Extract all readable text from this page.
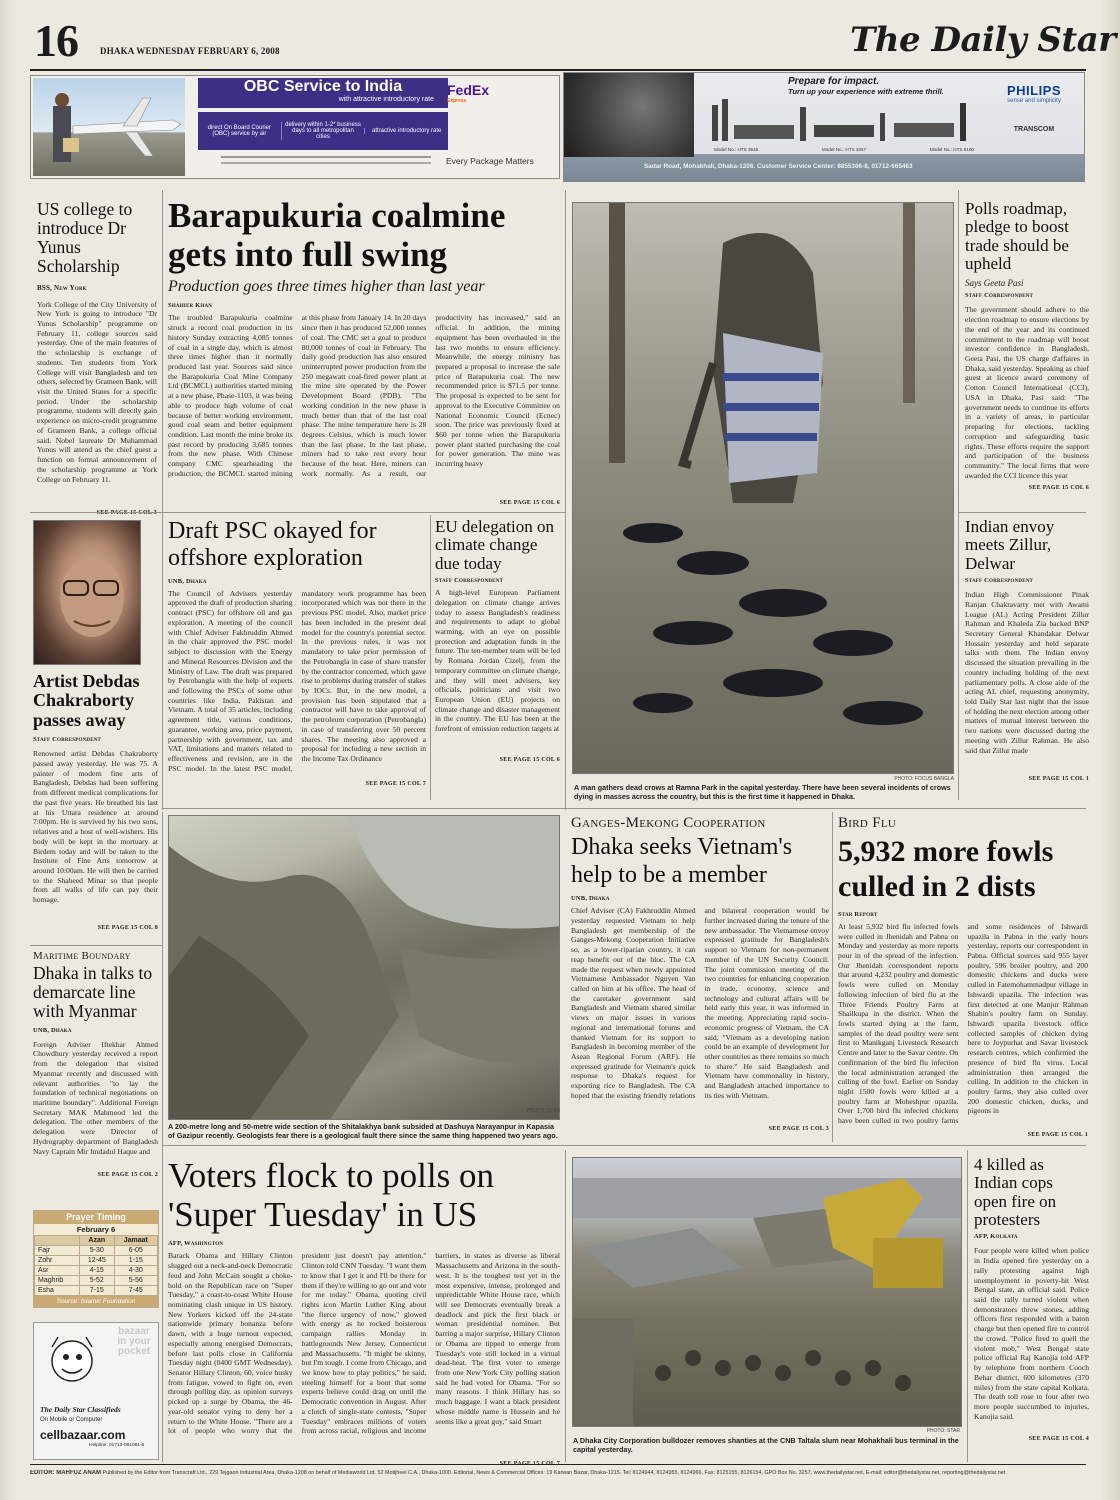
16 DHAKA WEDNESDAY FEBRUARY 6, 2008	The Daily Star
OBC Service to India
with attractive introductory rate
direct On Board Courier (OBC) service by air
delivery within 1-2* business days to all metropolitan cities
attractive introductory rate
FedEx
Express
Every Package Matters
Prepare for impact.
Turn up your experience with extreme thrill.
Model No.: HTS 3548	Model No.: HTS 3357	Model No.: HTS 8100
PHILIPS
sense and simplicity
TRANSCOM
Sadar Road, Mohakhali, Dhaka-1206. Customer Service Center: 8855366-8, 01712-665463
US college to introduce Dr Yunus Scholarship
BSS, New York
York College of the City University of New York is going to introduce "Dr Yunus Scholarship" programme on February 11, college sources said yesterday. One of the main features of the scholarship is exchange of students. Ten students from York College will visit Bangladesh and ten others, selected by Grameen Bank, will visit the United States for a specific period. Under the scholarship programme, students will directly gain experience on micro-credit programme of Grameen Bank, a college official said. Nobel laureate Dr Muhammad Yunus will attend as the chief guest a function on formal announcement of the scholarship programme at York College on February 11.
Artist Debdas Chakraborty passes away
Staff Correspondent
Renowned artist Debdas Chakraborty passed away yesterday. He was 75. A painter of modern fine arts of Bangladesh, Debdas had been suffering from different medical complications for the past five years. He breathed his last at his Uttara residence at around 7:00pm. He is survived by his two sons, relatives and a host of well-wishers. His body will be kept in the mortuary at Birdem today and will be taken to the Institute of Fine Arts tomorrow at around 10:00am. He will then be carried to the Shaheed Minar so that people from all walks of life can pay their homage.
SEE PAGE 15 COL 8
Maritime Boundary
Dhaka in talks to demarcate line with Myanmar
UNB, Dhaka
Foreign Adviser Iftekhar Ahmed Chowdhury yesterday received a report from the delegation that visited Myanmar recently and discussed with relevant authorities "to lay the foundation of technical negotiations on maritime boundary". Additional Foreign Secretary MAK Mahmood led the delegation. The other members of the delegation were Director of Hydrography department of Bangladesh Navy Captain Mir Imdadul Haque and
SEE PAGE 15 COL 2
Prayer Timing
February 6
	Azan	Jamaat
Fajr	5-30	6-05
Zohr	12-45	1-15
Asr	4-15	4-30
Maghrib	5-52	5-56
Esha	7-15	7-45
Source: Islamic Foundation
bazaar
in your
pocket
The Daily Star Classifieds
On Mobile or Computer
cellbazaar.com
Helpline: 01713-081081-5
Barapukuria coalmine gets into full swing
Production goes three times higher than last year
Shahier Khan
The troubled Barapukuria coalmine struck a record coal production in its history Sunday extracting 4,085 tonnes of coal in a single day, which is almost three times higher than it normally produced last year. Sources said since the Barapukuria Coal Mine Company Ltd (BCMCL) authorities started mining at a new phase, Phase-1103, it was being able to produce high volume of coal because of better working environment, good coal seam and better equipment condition. Last month the mine broke its past record by producing 3,685 tonnes from the new phase. With Chinese company CMC spearheading the production, the BCMCL started mining at this phase from January 14. In 20 days since then it has produced 52,000 tonnes of coal. The CMC set a goal to produce 80,000 tonnes of coal in February. The daily good production has also ensured uninterrupted power production from the 250 megawatt coal-fired power plant at the mine site operated by the Power Development Board (PDB). "The working condition in the new phase is much better than that of the last coal phase. The mine temperature here is 28 degrees Celsius, which is much lower than the last phase. In the last phase, miners had to take rest every hour because of the heat. Here, miners can work normally. As a result, our productivity has increased," said an official. In addition, the mining equipment has been overhauled in the last two months to ensure efficiency. Meanwhile, the energy ministry has prepared a proposal to increase the sale price of Barapukuria coal. The new recommended price is $71.5 per tonne. The proposal is expected to be sent for approval to the Executive Committee on National Economic Council (Ecnec) soon. The price was previously fixed at $60 per tonne when the Barapukuria power plant started purchasing the coal for power generation. The mine was incurring heavy
SEE PAGE 15 COL 6
Draft PSC okayed for offshore exploration
UNB, Dhaka
The Council of Advisers yesterday approved the draft of production sharing contract (PSC) for offshore oil and gas exploration. A meeting of the council with Chief Adviser Fakhruddin Ahmed in the chair approved the PSC model subject to discussion with the Energy and Mineral Resources Division and the Ministry of Law. The draft was prepared by Petrobangla with the help of experts and following the PSCs of some other countries like India, Pakistan and Vietnam. A total of 35 articles, including agreement title, various conditions, guarantee, working area, price payment, partnership with government, tax and VAT, limitations and matters related to effectiveness and revision, are in the PSC model. In the latest PSC model, mandatory work programme has been incorporated which was not there in the previous PSC model. Also, market price has been included in the present deal model for the country's potential sector. In the previous rules, it was not mandatory to take prior permission of the Petrobangla in case of share transfer by the contractor concerned, which gave rise to problems during transfer of stakes by IOCs. But, in the new model, a provision has been stipulated that a contractor will have to take approval of the petroleum corporation (Petrobangla) in case of transferring over 50 percent shares. The meeting also approved a proposal for including a new section in the Income Tax Ordinance
SEE PAGE 15 COL 7
EU delegation on climate change due today
Staff Correspondent
A high-level European Parliament delegation on climate change arrives today to assess Bangladesh's readiness and requirements to adapt to global warming, with an eye on possible protection and adaptation funds in the future. The ten-member team will be led by Romana Jordan Cizelj, from the temporary committee on climate change, and they will meet advisers, key officials, politicians and visit two European Union (EU) projects on climate change and disaster management in the country. The EU has been at the forefront of emission reduction targets at
SEE PAGE 15 COL 6
PHOTO: FOCUS BANGLA
A man gathers dead crows at Ramna Park in the capital yesterday. There have been several incidents of crows dying in masses across the country, but this is the first time it happened in Dhaka.
Polls roadmap, pledge to boost trade should be upheld
Says Geeta Pasi
Staff Correspondent
The government should adhere to the election roadmap to ensure elections by the end of the year and its continued commitment to the roadmap will boost investor confidence in Bangladesh, Geeta Pasi, the US charge d'affaires in Dhaka, said yesterday. Speaking as chief guest at licence award ceremony of Cotton Council International (CCI), USA in Dhaka, Pasi said: "The government needs to continue its efforts in a variety of areas, in particular preparing for elections, tackling corruption and safeguarding basic rights. These efforts require the support and participation of the business community." The local firms that were awarded the CCI licence this year
SEE PAGE 15 COL 6
Indian envoy meets Zillur, Delwar
Staff Correspondent
Indian High Commissioner Pinak Ranjan Chakravarty met with Awami League (AL) Acting President Zillur Rahman and Khaleda Zia backed BNP Secretary General Khandakar Delwar Hossain yesterday and held separate talks with them. The Indian envoy discussed the situation prevailing in the country including holding of the next parliamentary polls. A close aide of the acting AL chief, requesting anonymity, told Daily Star last night that the issue of holding the next election among other matters of mutual interest between the two nations were discussed during the meeting with Zillur Rahman. He also said that Zillur made
SEE PAGE 15 COL 1
PHOTO: STAR
A 200-metre long and 50-metre wide section of the Shitalakhya bank subsided at Dashuya Narayanpur in Kapasia of Gazipur recently. Geologists fear there is a geological fault there since the same thing happened two years ago.
Ganges-Mekong Cooperation
Dhaka seeks Vietnam's help to be a member
UNB, Dhaka
Chief Adviser (CA) Fakhruddin Ahmed yesterday requested Vietnam to help Bangladesh get membership of the Ganges-Mekong Cooperation Initiative so, as a lower-riparian country, it can reap benefit out of the bloc. The CA made the request when newly appointed Vietnamese Ambassador Nguyen Van called on him at his office. The head of the caretaker government said Bangladesh and Vietnam shared similar views on major issues in various regional and international forums and thanked Vietnam for its support to Bangladesh in becoming member of the Asean Regional Forum (ARF). He expressed gratitude for Vietnam's quick response to Dhaka's request for exporting rice to Bangladesh. The CA hoped that the existing friendly relations and bilateral cooperation would be further increased during the tenure of the new ambassador. The Vietnamese envoy expressed gratitude for Bangladesh's support to Vietnam for non-permanent member of the UN Security Council. The joint commission meeting of the two countries for enhancing cooperation in trade, economy, science and technology and cultural affairs will be held early this year, it was informed in the meeting. Appreciating rapid socio-economic progress of Vietnam, the CA said, "Vietnam as a developing nation could be an example of development for other countries as there remains so much to share." He said Bangladesh and Vietnam have commonality in history, and Bangladesh attached importance to its ties with Vietnam.
SEE PAGE 15 COL 3
Bird Flu
5,932 more fowls culled in 2 dists
Star Report
At least 5,932 bird flu infected fowls were culled in Jhenidah and Pabna on Monday and yesterday as more reports pour in of the spread of the infection. Our Jhenidah correspondent reports that around 4,232 poultry and domestic fowls were culled on Monday following infection of bird flu at the Three Friends Poultry Farm at Shailkupa in the district. When the fowls started dying at the farm, samples of the dead poultry were sent first to Manikganj Livestock Research Centre and later to the Savar centre. On confirmation of the bird flu infection the local administration arranged the culling of the fowl. Earlier on Sunday night 1500 fowls were killed at a poultry farm at Moheshpur upazila. Over 1,700 bird flu infected chickens have been culled in two poultry farms and some residences of Ishwardi upazila in Pabna in the early hours yesterday, reports our correspondent in Pabna. Official sources said 955 layer poultry, 596 broiler poultry, and 200 domestic chickens and ducks were culled in Fatemohammadpur village in Ishwardi upazila. The infection was first detected at one Manjur Rahman Shahin's poultry farm on Sunday. Ishwardi upazila livestock office collected samples of chicken dying here to Joypurhat and Savar livestock research centres, which confirmed the presence of bird flu virus. Local administration then arranged the culling. In addition to the chicken in poultry farms, they also culled over 200 domestic chicken, ducks, and pigeons in
SEE PAGE 15 COL 1
Voters flock to polls on 'Super Tuesday' in US
AFP, Washington
Barack Obama and Hillary Clinton slugged out a neck-and-neck Democratic feud and John McCain sought a choke-hold on the Republican race on "Super Tuesday," a coast-to-coast White House nominating clash unique in US history. New Yorkers kicked off the 24-state nationwide primary bonanza before dawn, with a huge turnout expected, especially among energised Democrats, before last polls close in California Tuesday night (0400 GMT Wednesday). Senator Hillary Clinton, 60, voice husky from fatigue, vowed to fight on, even through polling day, as opinion surveys picked up a surge by Obama, the 46-year-old senator vying to deny her a return to the White House. "There are a lot of people who worry that the president just doesn't pay attention," Clinton told CNN Tuesday. "I want them to know that I get it and I'll be there for them if they're willing to go out and vote for me today." Obama, quoting civil rights icon Martin Luther King about "the fierce urgency of now," glowed with energy as he rocked boisterous campaign rallies Monday in battlegrounds New Jersey, Connecticut and Massachusetts. "It might be skinny, but I'm tough. I come from Chicago, and we know how to play politics," he said, steeling himself for a bout that some experts believe could drag on until the Democratic convention in August. After a clutch of single-state contests, "Super Tuesday" embraces millions of voters from across racial, religious and income barriers, in states as diverse as liberal Massachusetts and Arizona in the south-west. It is the toughest test yet in the most expensive, intense, prolonged and unpredictable White House race, which will see Democrats eventually break a deadlock and pick the first black or woman presidential nominee. But barring a major surprise, Hillary Clinton or Obama are tipped to emerge from Tuesday's vote still locked in a virtual dead-heat. The first voter to emerge from one New York City polling station said he had voted for Obama. "For so many reasons. I think Hillary has so much baggage. I want a black president whose middle name is Hussein and he seems like a great guy," said Stuart
PHOTO: STAR
A Dhaka City Corporation bulldozer removes shanties at the CNB Taltala slum near Mohakhali bus terminal in the capital yesterday.
4 killed as Indian cops open fire on protesters
AFP, Kolkata
Four people were killed when police in India opened fire yesterday on a rally protesting against high unemployment in poverty-hit West Bengal state, an official said. Police said the rally turned violent when demonstrators threw stones, adding officers first responded with a baton charge but then opened fire to control the crowd. "Police fired to quell the violent mob," West Bengal state police official Raj Kanojia told AFP by telephone from northern Cooch Behar district, 600 kilometres (370 miles) from the state capital Kolkata. The death toll rose to four after two more people succumbed to injuries, Kanojia said.
SEE PAGE 15 COL 4
EDITOR: MAHFUZ ANAM Published by the Editor from Transcraft Ltd., 229 Tejgaon Industrial Area, Dhaka-1208 on behalf of Mediaworld Ltd. 52 Motijheel C.A., Dhaka-1000. Editorial, News & Commercial Offices: 19 Karwan Bazar, Dhaka-1215. Tel: 8124944, 8124955, 8124966, Fax: 8125155, 8126154, GPO Box No. 3257, www.thedailystar.net, E-mail: editor@thedailystar.net, reporting@thedailystar.net
